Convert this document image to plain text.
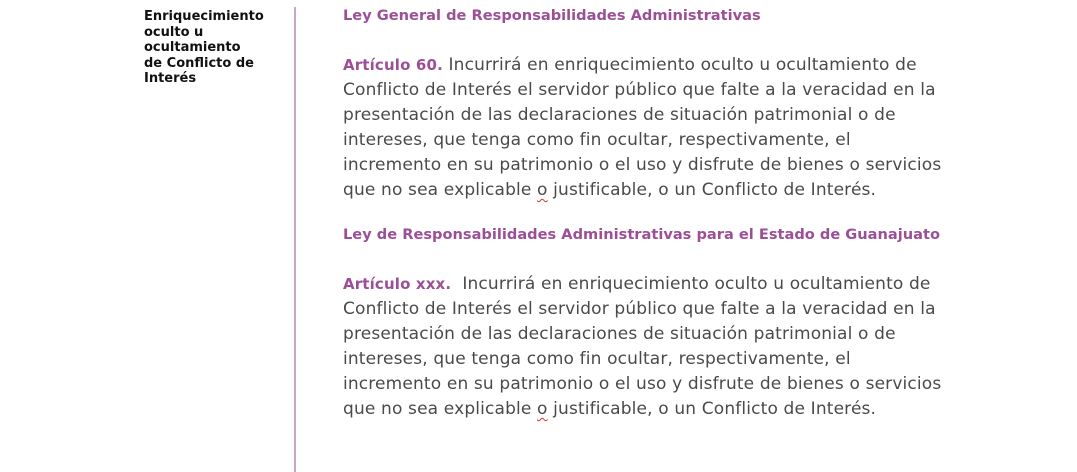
Enriquecimiento
oculto u
ocultamiento
de Conflicto de
Interés

Ley General de Responsabilidades Administrativas

Artículo 60. Incurrirá en enriquecimiento oculto u ocultamiento de Conflicto de Interés el servidor público que falte a la veracidad en la presentación de las declaraciones de situación patrimonial o de intereses, que tenga como fin ocultar, respectivamente, el incremento en su patrimonio o el uso y disfrute de bienes o servicios que no sea explicable o justificable, o un Conflicto de Interés.

Ley de Responsabilidades Administrativas para el Estado de Guanajuato

Artículo xxx.  Incurrirá en enriquecimiento oculto u ocultamiento de Conflicto de Interés el servidor público que falte a la veracidad en la presentación de las declaraciones de situación patrimonial o de intereses, que tenga como fin ocultar, respectivamente, el incremento en su patrimonio o el uso y disfrute de bienes o servicios que no sea explicable o justificable, o un Conflicto de Interés.
